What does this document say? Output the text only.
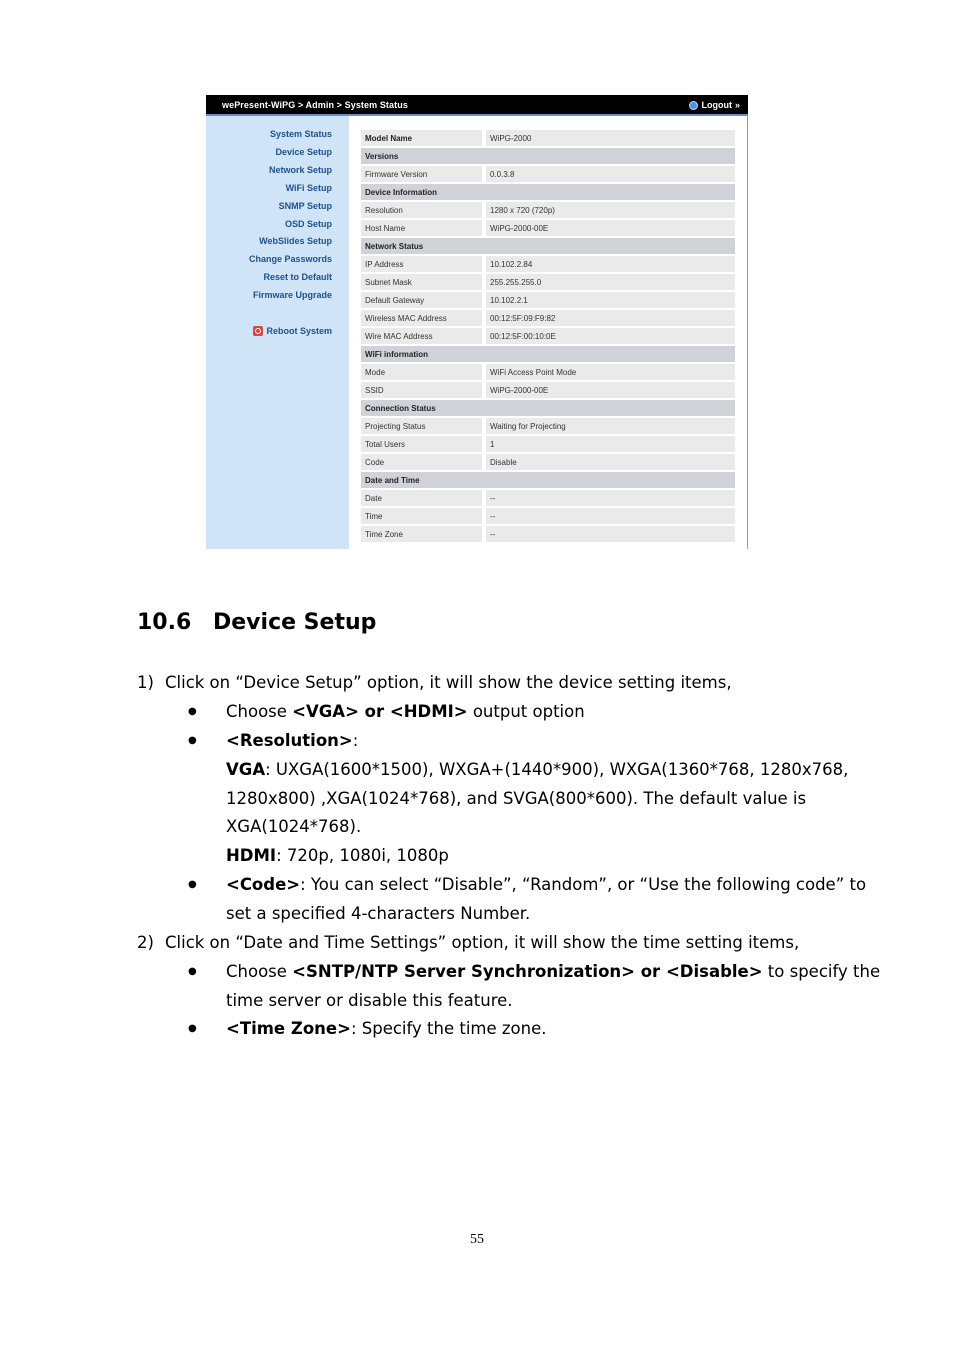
wePresent-WiPG > Admin > System Status	Logout »
System Status
Device Setup
Network Setup
WiFi Setup
SNMP Setup
OSD Setup
WebSlides Setup
Change Passwords
Reset to Default
Firmware Upgrade
Reboot System
Model Name	WiPG-2000
Versions	
Firmware Version	0.0.3.8
Device Information	
Resolution	1280 x 720 (720p)
Host Name	WiPG-2000-00E
Network Status	
IP Address	10.102.2.84
Subnet Mask	255.255.255.0
Default Gateway	10.102.2.1
Wireless MAC Address	00:12:5F:09:F9:82
Wire MAC Address	00:12:5F:00:10:0E
WiFi information	
Mode	WiFi Access Point Mode
SSID	WiPG-2000-00E
Connection Status	
Projecting Status	Waiting for Projecting
Total Users	1
Code	Disable
Date and Time	
Date	--
Time	--
Time Zone	--
10.6 Device Setup
1) Click on “Device Setup” option, it will show the device setting items,
● Choose <VGA> or <HDMI> output option
● <Resolution>:
VGA: UXGA(1600*1500), WXGA+(1440*900), WXGA(1360*768, 1280x768,
1280x800) ,XGA(1024*768), and SVGA(800*600). The default value is
XGA(1024*768).
HDMI: 720p, 1080i, 1080p
● <Code>: You can select “Disable”, “Random”, or “Use the following code” to
set a specified 4-characters Number.
2) Click on “Date and Time Settings” option, it will show the time setting items,
● Choose <SNTP/NTP Server Synchronization> or <Disable> to specify the
time server or disable this feature.
● <Time Zone>: Specify the time zone.
55
